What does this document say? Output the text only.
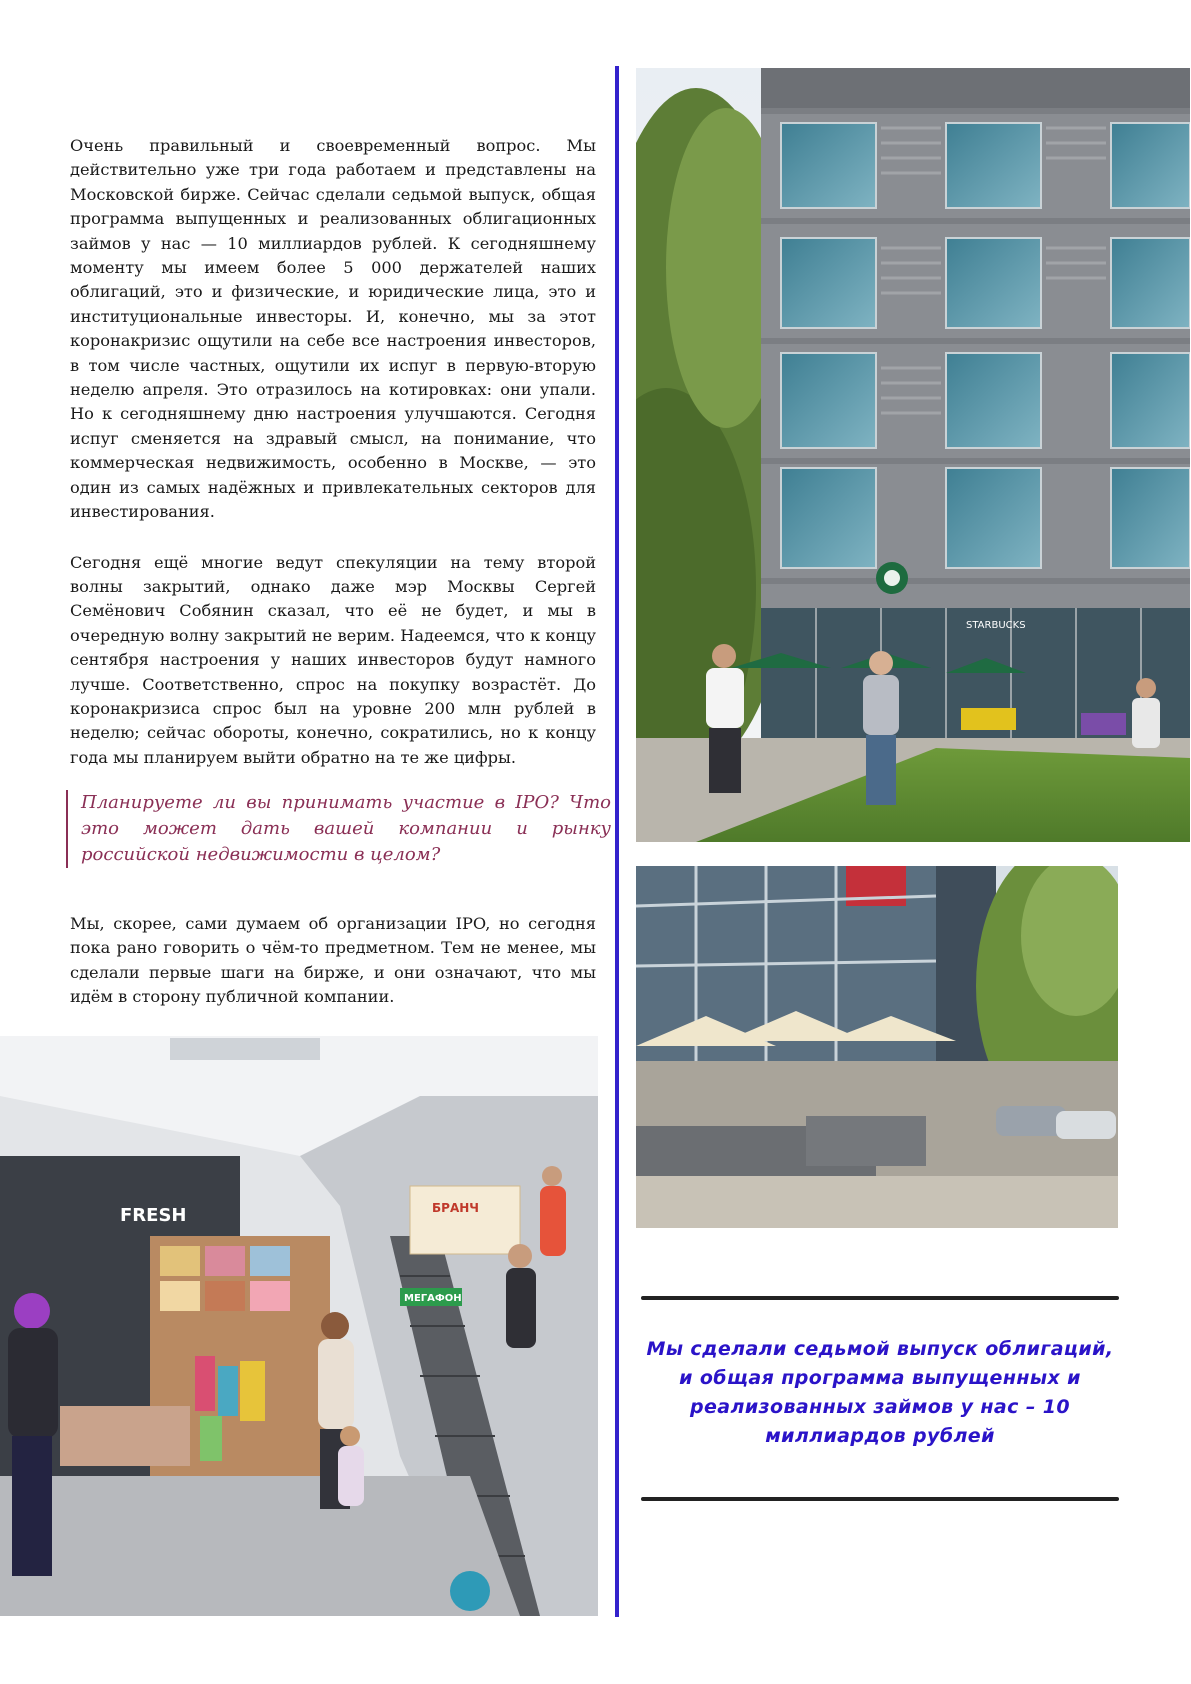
Очень правильный и своевременный вопрос. Мы действительно уже три года работаем и представлены на Московской бирже. Сейчас сделали седьмой выпуск, общая программа выпущенных и реализованных облигационных займов у нас — 10 миллиардов рублей. К сегодняшнему моменту мы имеем более 5 000 держателей наших облигаций, это и физические, и юридические лица, это и институциональные инвесторы. И, конечно, мы за этот коронакризис ощутили на себе все настроения инвесторов, в том числе частных, ощутили их испуг в первую-вторую неделю апреля. Это отразилось на котировках: они упали. Но к сегодняшнему дню настроения улучшаются. Сегодня испуг сменяется на здравый смысл, на понимание, что коммерческая недвижимость, особенно в Москве, — это один из самых надёжных и привлекательных секторов для инвестирования.

Сегодня ещё многие ведут спекуляции на тему второй волны закрытий, однако даже мэр Москвы Сергей Семёнович Собянин сказал, что её не будет, и мы в очередную волну закрытий не верим. Надеемся, что к концу сентября настроения у наших инвесторов будут намного лучше. Соответственно, спрос на покупку возрастёт. До коронакризиса спрос был на уровне 200 млн рублей в неделю; сейчас обороты, конечно, сократились, но к концу года мы планируем выйти обратно на те же цифры.

Планируете ли вы принимать участие в IPO? Что это может дать вашей компании и рынку российской недвижимости в целом?
Мы, скорее, сами думаем об организации IPO, но сегодня пока рано говорить о чём-то предметном. Тем не менее, мы сделали первые шаги на бирже, и они означают, что мы идём в сторону публичной компании.
STARBUCKS
БРАНЧ
МЕГАФОН
FRESH
Мы сделали седьмой выпуск облигаций, и общая программа выпущенных и реализованных займов у нас – 10 миллиардов рублей
